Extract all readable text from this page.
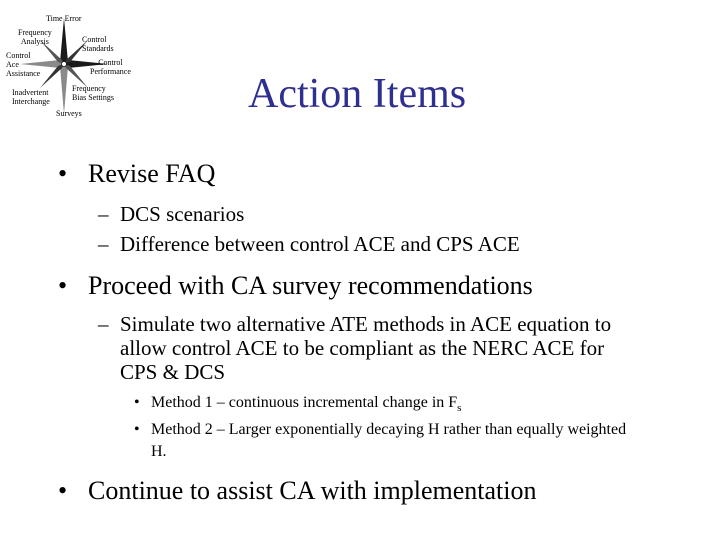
Time Error
Frequency
Analysis	Control
Standards
Control
Ace
Assistance
Control
Performance
Inadvertent
Interchange
Frequency
Bias Settings
Surveys	Action Items
• Revise FAQ
– DCS scenarios
– Difference between control ACE and CPS ACE
• Proceed with CA survey recommendations
– Simulate two alternative ATE methods in ACE equation to allow control ACE to be compliant as the NERC ACE for CPS & DCS
• Method 1 – continuous incremental change in $F_s$
• Method 2 – Larger exponentially decaying H rather than equally weighted H.
• Continue to assist CA with implementation
